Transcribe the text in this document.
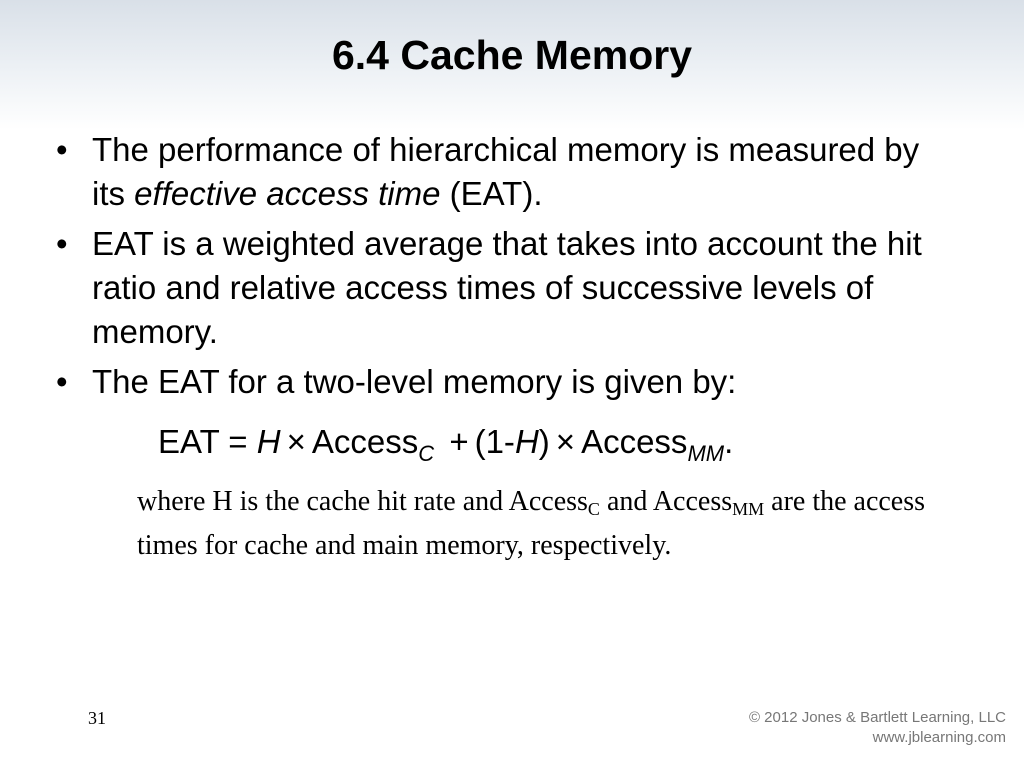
6.4 Cache Memory
• The performance of hierarchical memory is measured by its effective access time (EAT).
• EAT is a weighted average that takes into account the hit ratio and relative access times of successive levels of memory.
• The EAT for a two-level memory is given by:
EAT = H × Access$_C$ + (1-H) × Access$_{MM}$.
where H is the cache hit rate and Access$_C$ and Access$_{MM}$ are the access times for cache and main memory, respectively.
31	© 2012 Jones & Bartlett Learning, LLC
www.jblearning.com
